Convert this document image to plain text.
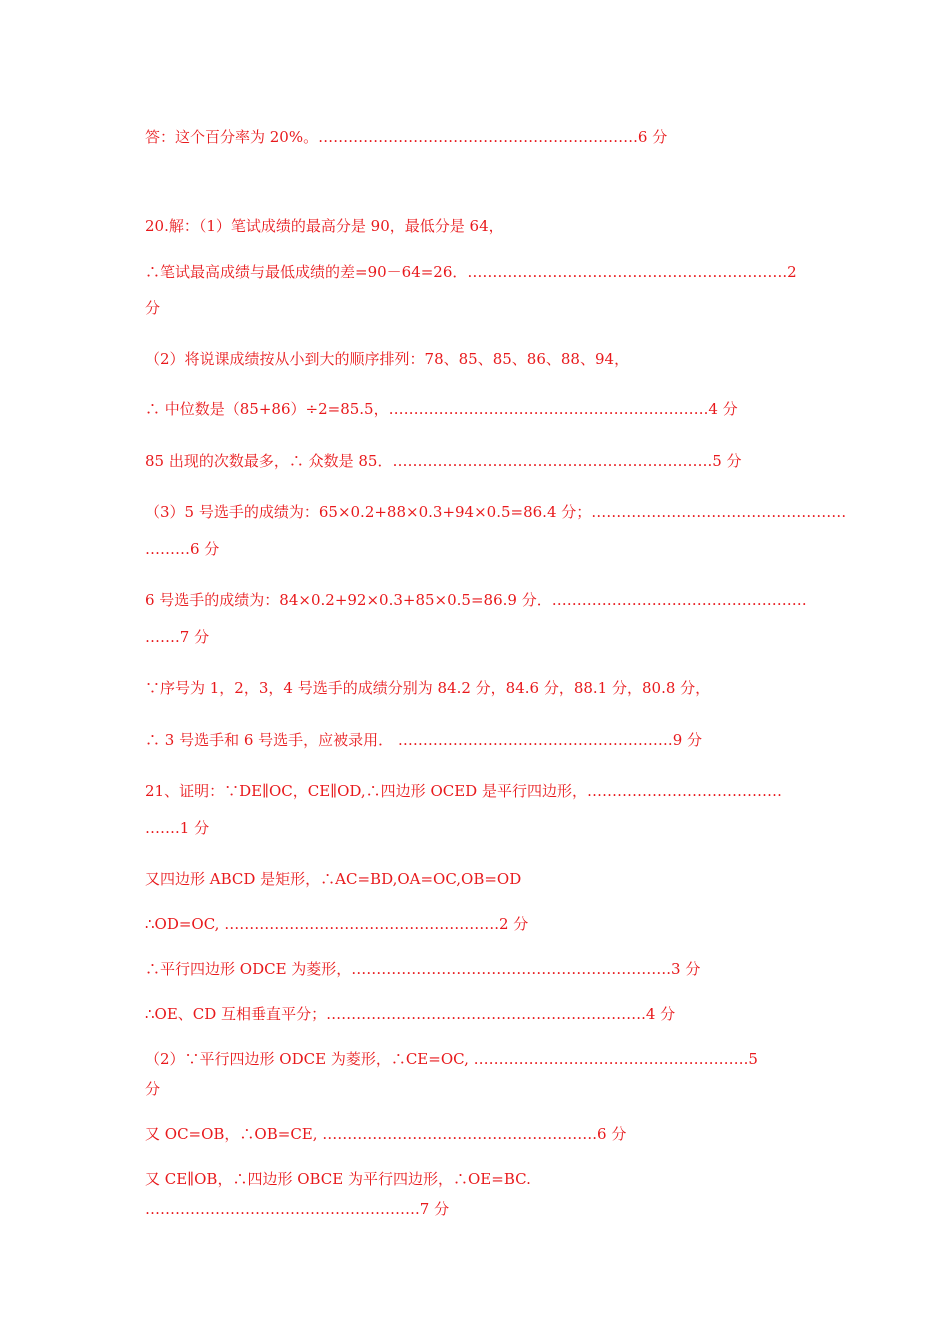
答：这个百分率为 20%。……………………………………………………….6 分
20.解：（1）笔试成绩的最高分是 90，最低分是 64，
∴笔试最高成绩与最低成绩的差=90－64=26．……………………………………………………….2
分
（2）将说课成绩按从小到大的顺序排列：78、85、85、86、88、94，
∴ 中位数是（85+86）÷2=85.5，……………………………………………………….4 分
85 出现的次数最多，∴ 众数是 85．……………………………………………………….5 分
（3）5 号选手的成绩为：65×0.2+88×0.3+94×0.5=86.4 分；……………………………………………
………6 分
6 号选手的成绩为：84×0.2+92×0.3+85×0.5=86.9 分．……………………………………………
…….7 分
∵序号为 1，2，3，4 号选手的成绩分别为 84.2 分，84.6 分，88.1 分，80.8 分，
∴ 3 号选手和 6 号选手，应被录用． ……………………………………………….9 分
21、证明：∵DE∥OC，CE∥OD,∴四边形 OCED 是平行四边形，…………………………………
…….1 分
又四边形 ABCD 是矩形，∴AC=BD,OA=OC,OB=OD
∴OD=OC, ……………………………………………….2 分
∴平行四边形 ODCE 为菱形，……………………………………………………….3 分
∴OE、CD 互相垂直平分；……………………………………………………….4 分
（2）∵平行四边形 ODCE 为菱形，∴CE=OC, ……………………………………………….5
分
又 OC=OB，∴OB=CE, ……………………………………………….6 分
又 CE∥OB，∴四边形 OBCE 为平行四边形，∴OE=BC.
……………………………………………….7 分
